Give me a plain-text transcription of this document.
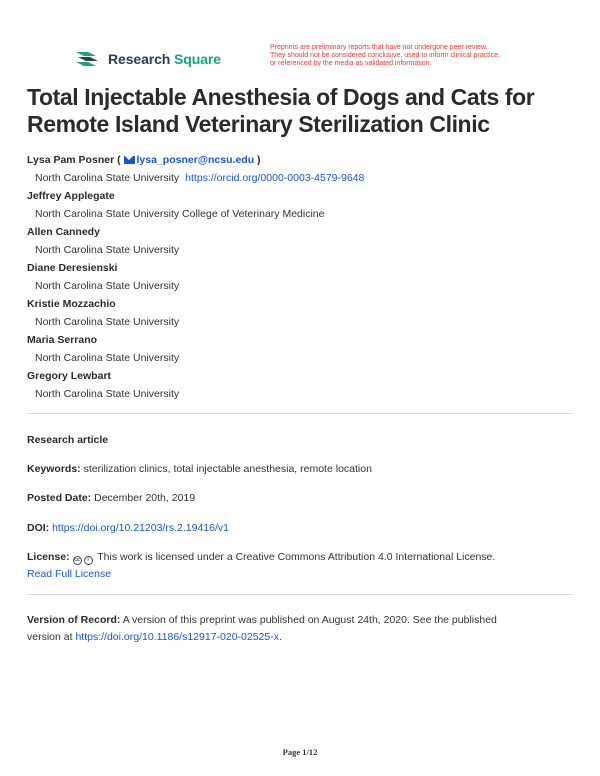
Research Square
Preprints are preliminary reports that have not undergone peer review.
They should not be considered conclusive, used to inform clinical practice,
or referenced by the media as validated information.
Total Injectable Anesthesia of Dogs and Cats for
Remote Island Veterinary Sterilization Clinic
Lysa Pam Posner ( lysa_posner@ncsu.edu )
North Carolina State University https://orcid.org/0000-0003-4579-9648
Jeffrey Applegate
North Carolina State University College of Veterinary Medicine
Allen Cannedy
North Carolina State University
Diane Deresienski
North Carolina State University
Kristie Mozzachio
North Carolina State University
Maria Serrano
North Carolina State University
Gregory Lewbart
North Carolina State University
Research article
Keywords: sterilization clinics, total injectable anesthesia, remote location
Posted Date: December 20th, 2019
DOI: https://doi.org/10.21203/rs.2.19416/v1
License: cc i This work is licensed under a Creative Commons Attribution 4.0 International License.
Read Full License
Version of Record: A version of this preprint was published on August 24th, 2020. See the published
version at https://doi.org/10.1186/s12917-020-02525-x.
Page 1/12
